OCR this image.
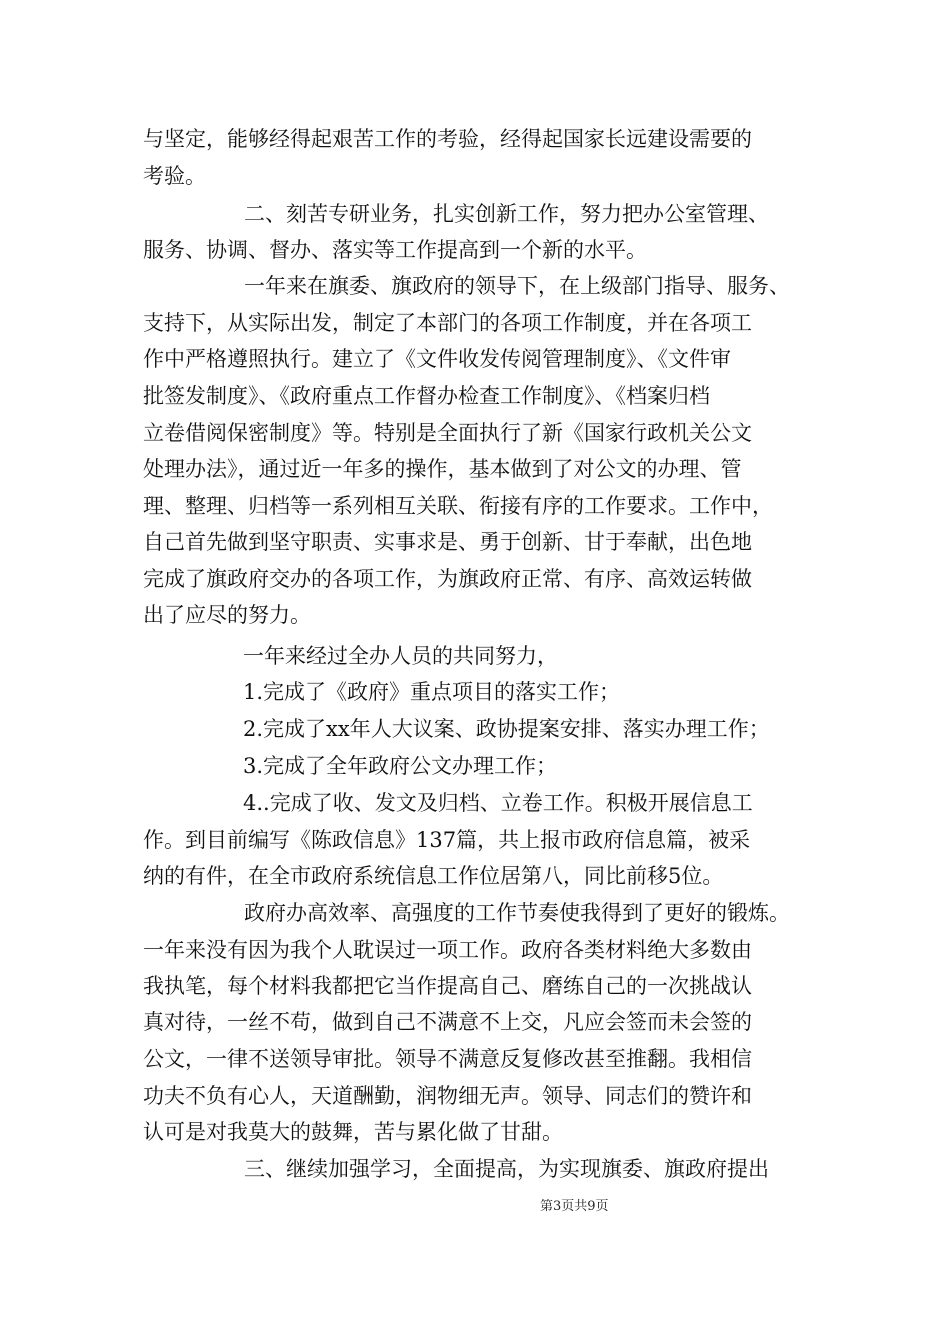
与坚定，能够经得起艰苦工作的考验，经得起国家长远建设需要的
考验。
二、刻苦专研业务，扎实创新工作，努力把办公室管理、
服务、协调、督办、落实等工作提高到一个新的水平。
一年来在旗委、旗政府的领导下，在上级部门指导、服务、
支持下，从实际出发，制定了本部门的各项工作制度，并在各项工
作中严格遵照执行。建立了《文件收发传阅管理制度》、《文件审
批签发制度》、《政府重点工作督办检查工作制度》、《档案归档
立卷借阅保密制度》等。特别是全面执行了新《国家行政机关公文
处理办法》，通过近一年多的操作，基本做到了对公文的办理、管
理、整理、归档等一系列相互关联、衔接有序的工作要求。工作中，
自己首先做到坚守职责、实事求是、勇于创新、甘于奉献，出色地
完成了旗政府交办的各项工作，为旗政府正常、有序、高效运转做
出了应尽的努力。
一年来经过全办人员的共同努力，
1.完成了《政府》重点项目的落实工作；
2.完成了xx年人大议案、政协提案安排、落实办理工作；
3.完成了全年政府公文办理工作；
4..完成了收、发文及归档、立卷工作。积极开展信息工
作。到目前编写《陈政信息》137篇，共上报市政府信息篇，被采
纳的有件，在全市政府系统信息工作位居第八，同比前移5位。
政府办高效率、高强度的工作节奏使我得到了更好的锻炼。
一年来没有因为我个人耽误过一项工作。政府各类材料绝大多数由
我执笔，每个材料我都把它当作提高自己、磨练自己的一次挑战认
真对待，一丝不苟，做到自己不满意不上交，凡应会签而未会签的
公文，一律不送领导审批。领导不满意反复修改甚至推翻。我相信
功夫不负有心人，天道酬勤，润物细无声。领导、同志们的赞许和
认可是对我莫大的鼓舞，苦与累化做了甘甜。
三、继续加强学习，全面提高，为实现旗委、旗政府提出
第3页共9页
